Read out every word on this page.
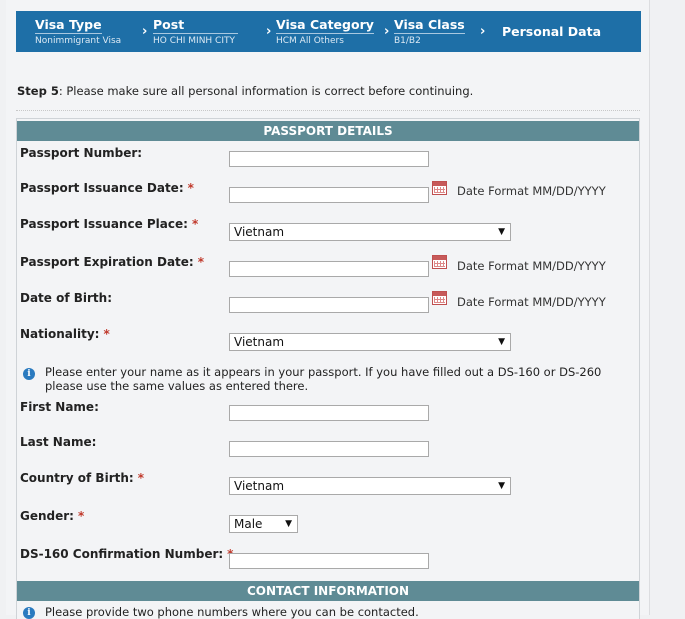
Visa Type
Nonimmigrant Visa
› Post
HO CHI MINH CITY
› Visa Category
HCM All Others
› Visa Class
B1/B2
› Personal Data
Step 5: Please make sure all personal information is correct before continuing.
PASSPORT DETAILS
Passport Number:
Passport Issuance Date: *	Date Format MM/DD/YYYY
Passport Issuance Place: *
Vietnam	▼
Passport Expiration Date: *	Date Format MM/DD/YYYY
Date of Birth:	Date Format MM/DD/YYYY
Nationality: *
Vietnam	▼
i	Please enter your name as it appears in your passport. If you have filled out a DS-160 or DS-260 please use the same values as entered there.
First Name:
Last Name:
Country of Birth: *
Vietnam	▼
Gender: *
Male	▼
DS-160 Confirmation Number:
CONTACT INFORMATION
i	Please provide two phone numbers where you can be contacted.
